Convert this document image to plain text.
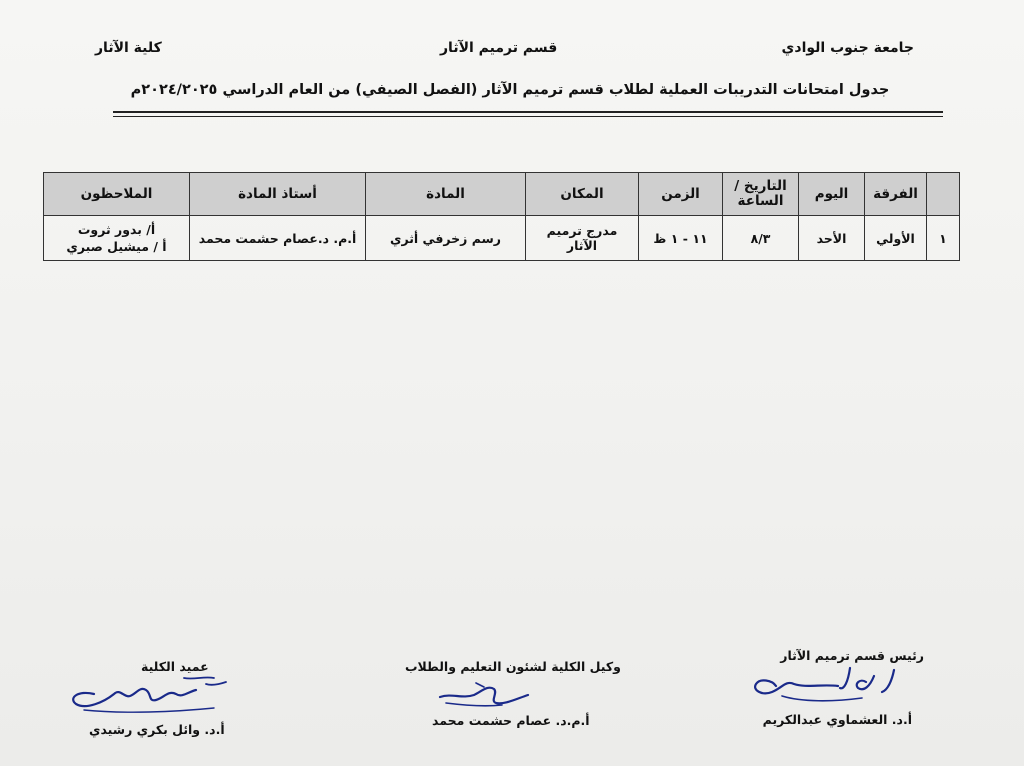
جامعة جنوب الوادي
قسم ترميم الآثار
كلية الآثار
جدول امتحانات التدريبات العملية لطلاب قسم ترميم الآثار (الفصل الصيفي) من العام الدراسي ٢٠٢٤/٢٠٢٥م
	الفرقة	اليوم	التاريخ / الساعة	الزمن	المكان	المادة	أستاذ المادة	الملاحظون
١	الأولي	الأحد	٨/٣	١١ - ١ ظ	مدرج ترميم الآثار	رسم زخرفي أثري	أ.م. د.عصام حشمت محمد	أ/ بدور ثروت
أ / ميشيل صبري
رئيس قسم ترميم الآثار
أ.د. العشماوي عبدالكريم
وكيل الكلية لشئون التعليم والطلاب
أ.م.د. عصام حشمت محمد
عميد الكلية
أ.د. وائل بكري رشيدي
